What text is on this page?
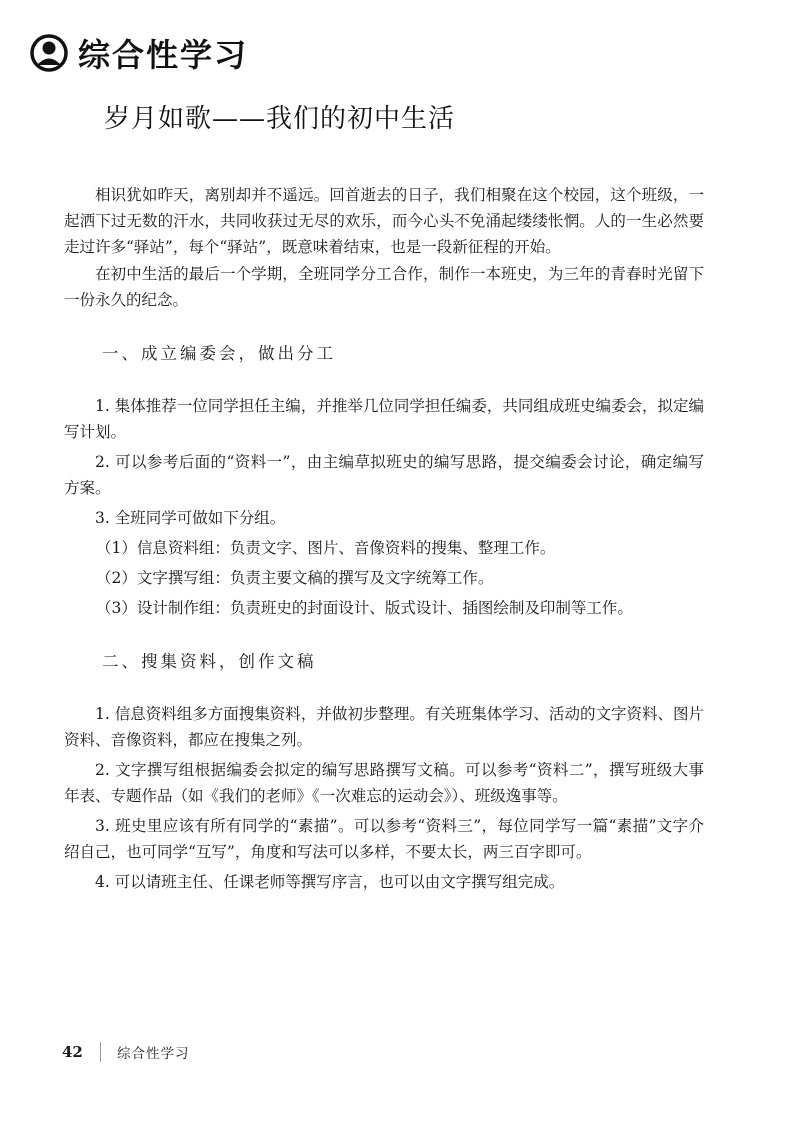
综合性学习
岁月如歌——我们的初中生活

相识犹如昨天，离别却并不遥远。回首逝去的日子，我们相聚在这个校园，这个班级，一起洒下过无数的汗水，共同收获过无尽的欢乐，而今心头不免涌起缕缕怅惘。人的一生必然要走过许多“驿站”，每个“驿站”，既意味着结束，也是一段新征程的开始。

在初中生活的最后一个学期，全班同学分工合作，制作一本班史，为三年的青春时光留下一份永久的纪念。

一、成立编委会，做出分工

1. 集体推荐一位同学担任主编，并推举几位同学担任编委，共同组成班史编委会，拟定编写计划。

2. 可以参考后面的“资料一”，由主编草拟班史的编写思路，提交编委会讨论，确定编写方案。

3. 全班同学可做如下分组。

（1）信息资料组：负责文字、图片、音像资料的搜集、整理工作。

（2）文字撰写组：负责主要文稿的撰写及文字统筹工作。

（3）设计制作组：负责班史的封面设计、版式设计、插图绘制及印制等工作。

二、搜集资料，创作文稿

1. 信息资料组多方面搜集资料，并做初步整理。有关班集体学习、活动的文字资料、图片资料、音像资料，都应在搜集之列。

2. 文字撰写组根据编委会拟定的编写思路撰写文稿。可以参考“资料二”，撰写班级大事年表、专题作品（如《我们的老师》《一次难忘的运动会》）、班级逸事等。

3. 班史里应该有所有同学的“素描”。可以参考“资料三”，每位同学写一篇“素描”文字介绍自己，也可同学“互写”，角度和写法可以多样，不要太长，两三百字即可。

4. 可以请班主任、任课老师等撰写序言，也可以由文字撰写组完成。

42	综合性学习
